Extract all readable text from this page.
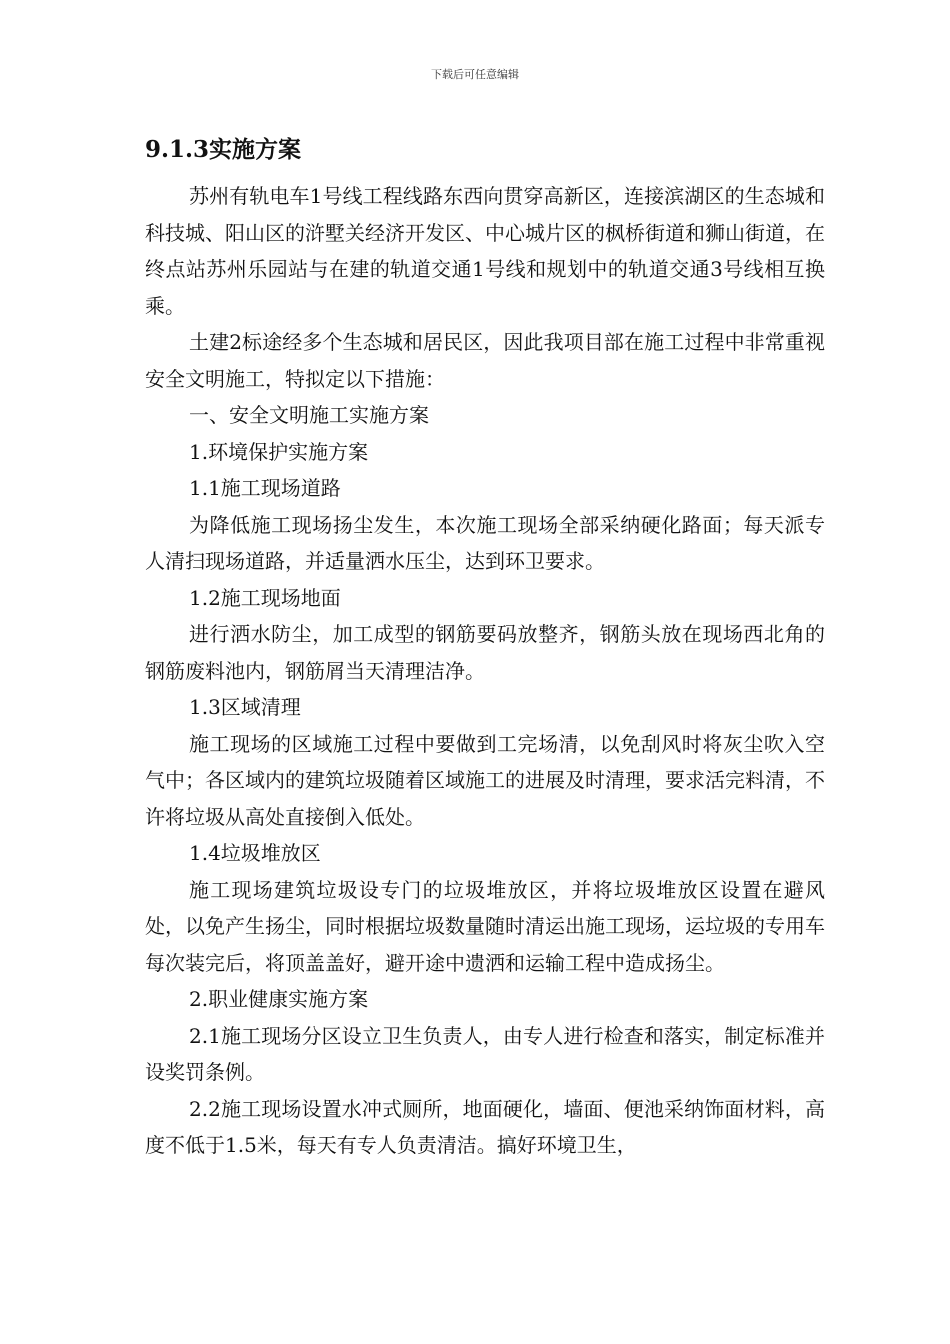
下载后可任意编辑
9.1.3实施方案

苏州有轨电车1号线工程线路东西向贯穿高新区，连接滨湖区的生态城和科技城、阳山区的浒墅关经济开发区、中心城片区的枫桥街道和狮山街道，在终点站苏州乐园站与在建的轨道交通1号线和规划中的轨道交通3号线相互换乘。

土建2标途经多个生态城和居民区，因此我项目部在施工过程中非常重视安全文明施工，特拟定以下措施：

一、安全文明施工实施方案

1.环境保护实施方案

1.1施工现场道路

为降低施工现场扬尘发生，本次施工现场全部采纳硬化路面；每天派专人清扫现场道路，并适量洒水压尘，达到环卫要求。

1.2施工现场地面

进行洒水防尘，加工成型的钢筋要码放整齐，钢筋头放在现场西北角的钢筋废料池内，钢筋屑当天清理洁净。

1.3区域清理

施工现场的区域施工过程中要做到工完场清，以免刮风时将灰尘吹入空气中；各区域内的建筑垃圾随着区域施工的进展及时清理，要求活完料清，不许将垃圾从高处直接倒入低处。

1.4垃圾堆放区

施工现场建筑垃圾设专门的垃圾堆放区，并将垃圾堆放区设置在避风处，以免产生扬尘，同时根据垃圾数量随时清运出施工现场，运垃圾的专用车每次装完后，将顶盖盖好，避开途中遗洒和运输工程中造成扬尘。

2.职业健康实施方案

2.1施工现场分区设立卫生负责人，由专人进行检查和落实，制定标准并设奖罚条例。

2.2施工现场设置水冲式厕所，地面硬化，墙面、便池采纳饰面材料，高度不低于1.5米，每天有专人负责清洁。搞好环境卫生，
